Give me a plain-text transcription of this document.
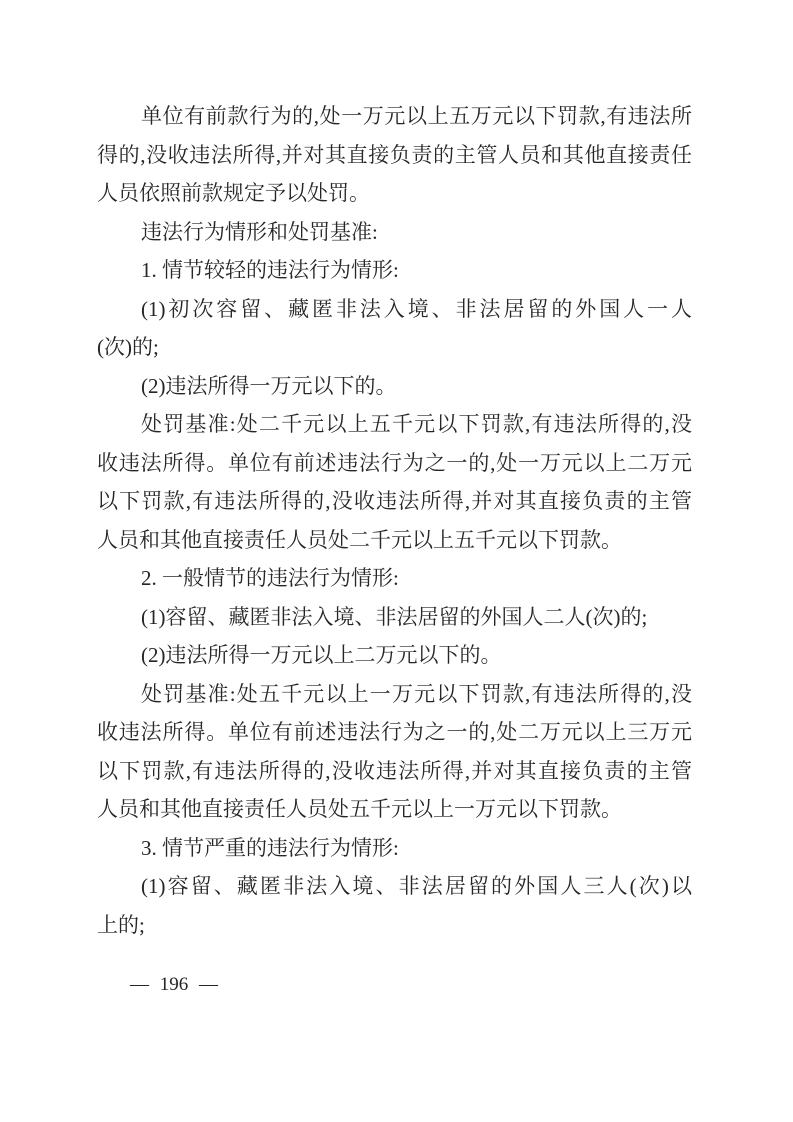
单位有前款行为的,处一万元以上五万元以下罚款,有违法所
得的,没收违法所得,并对其直接负责的主管人员和其他直接责任
人员依照前款规定予以处罚。
违法行为情形和处罚基准:
1. 情节较轻的违法行为情形:
(1)初次容留、藏匿非法入境、非法居留的外国人一人
(次)的;
(2)违法所得一万元以下的。
处罚基准:处二千元以上五千元以下罚款,有违法所得的,没
收违法所得。单位有前述违法行为之一的,处一万元以上二万元
以下罚款,有违法所得的,没收违法所得,并对其直接负责的主管
人员和其他直接责任人员处二千元以上五千元以下罚款。
2. 一般情节的违法行为情形:
(1)容留、藏匿非法入境、非法居留的外国人二人(次)的;
(2)违法所得一万元以上二万元以下的。
处罚基准:处五千元以上一万元以下罚款,有违法所得的,没
收违法所得。单位有前述违法行为之一的,处二万元以上三万元
以下罚款,有违法所得的,没收违法所得,并对其直接负责的主管
人员和其他直接责任人员处五千元以上一万元以下罚款。
3. 情节严重的违法行为情形:
(1)容留、藏匿非法入境、非法居留的外国人三人(次)以
上的;
— 196 —
